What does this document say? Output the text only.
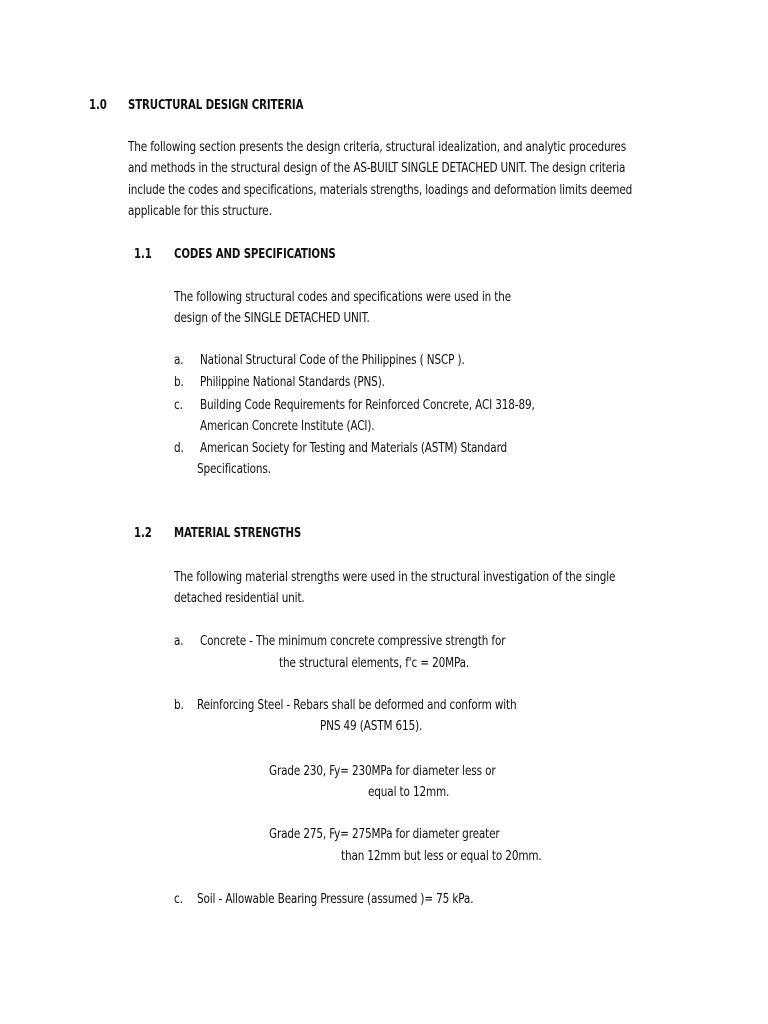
1.0 STRUCTURAL DESIGN CRITERIA
The following section presents the design criteria, structural idealization, and analytic procedures
and methods in the structural design of the AS-BUILT SINGLE DETACHED UNIT. The design criteria
include the codes and specifications, materials strengths, loadings and deformation limits deemed
applicable for this structure.
1.1 CODES AND SPECIFICATIONS
The following structural codes and specifications were used in the
design of the SINGLE DETACHED UNIT.
a. National Structural Code of the Philippines ( NSCP ).
b. Philippine National Standards (PNS).
c. Building Code Requirements for Reinforced Concrete, ACI 318-89,
American Concrete Institute (ACI).
d. American Society for Testing and Materials (ASTM) Standard
Specifications.
1.2 MATERIAL STRENGTHS
The following material strengths were used in the structural investigation of the single
detached residential unit.
a. Concrete - The minimum concrete compressive strength for
the structural elements, f'c = 20MPa.
b. Reinforcing Steel - Rebars shall be deformed and conform with
PNS 49 (ASTM 615).
Grade 230, Fy= 230MPa for diameter less or
equal to 12mm.
Grade 275, Fy= 275MPa for diameter greater
than 12mm but less or equal to 20mm.
c. Soil - Allowable Bearing Pressure (assumed )= 75 kPa.
